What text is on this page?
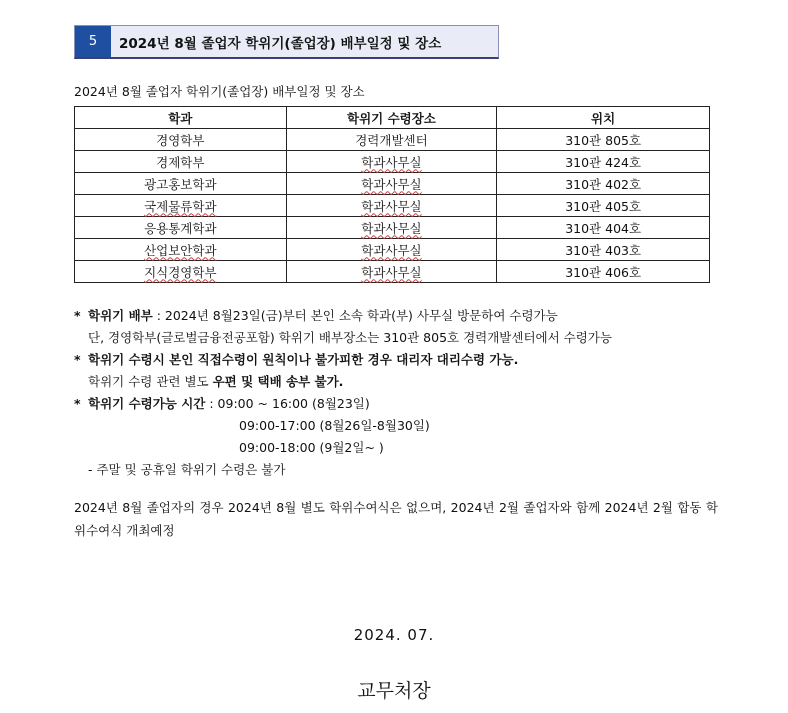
5	2024년 8월 졸업자 학위기(졸업장) 배부일정 및 장소
2024년 8월 졸업자 학위기(졸업장) 배부일정 및 장소
학과	학위기 수령장소	위치
경영학부	경력개발센터	310관 805호
경제학부	학과사무실	310관 424호
광고홍보학과	학과사무실	310관 402호
국제물류학과	학과사무실	310관 405호
응용통계학과	학과사무실	310관 404호
산업보안학과	학과사무실	310관 403호
지식경영학부	학과사무실	310관 406호
* 학위기 배부 : 2024년 8월23일(금)부터 본인 소속 학과(부) 사무실 방문하여 수령가능
단, 경영학부(글로벌금융전공포함) 학위기 배부장소는 310관 805호 경력개발센터에서 수령가능
* 학위기 수령시 본인 직접수령이 원칙이나 불가피한 경우 대리자 대리수령 가능.
학위기 수령 관련 별도 우편 및 택배 송부 불가.
* 학위기 수령가능 시간 : 09:00 ~ 16:00 (8월23일)
09:00-17:00 (8월26일-8월30일)
09:00-18:00 (9월2일~ )
- 주말 및 공휴일 학위기 수령은 불가
2024년 8월 졸업자의 경우 2024년 8월 별도 학위수여식은 없으며, 2024년 2월 졸업자와 함께 2024년 2월 합동 학위수여식 개최예정
2024. 07.
교무처장
